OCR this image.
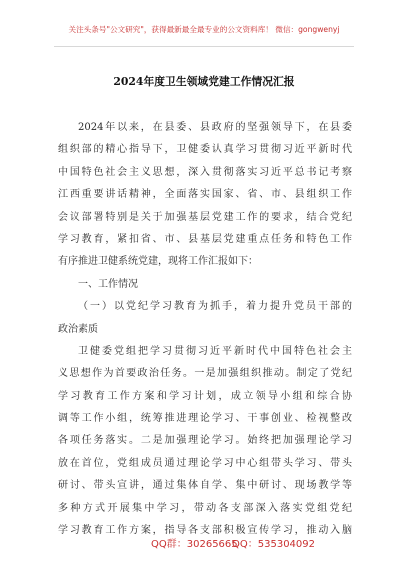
关注头条号"公文研究"，获得最新最全最专业的公文资料库！ 微信：gongwenyj
2024年度卫生领域党建工作情况汇报
2024年以来，在县委、县政府的坚强领导下，在县委
组织部的精心指导下，卫健委认真学习贯彻习近平新时代
中国特色社会主义思想，深入贯彻落实习近平总书记考察
江西重要讲话精神，全面落实国家、省、市、县组织工作
会议部署特别是关于加强基层党建工作的要求，结合党纪
学习教育，紧扣省、市、县基层党建重点任务和特色工作
有序推进卫健系统党建，现将工作汇报如下：
一、工作情况
（一）以党纪学习教育为抓手，着力提升党员干部的
政治素质
卫健委党组把学习贯彻习近平新时代中国特色社会主
义思想作为首要政治任务。一是加强组织推动。制定了党纪
学习教育工作方案和学习计划，成立领导小组和综合协
调等工作小组，统筹推进理论学习、干事创业、检视整改
各项任务落实。二是加强理论学习。始终把加强理论学习
放在首位，党组成员通过理论学习中心组带头学习、带头
研讨、带头宣讲，通过集体自学、集中研讨、现场教学等
多种方式开展集中学习，带动各支部深入落实党组党纪
学习教育工作方案，指导各支部积极宣传学习，推动入脑
QQ群：30265665
QQ：535304092
